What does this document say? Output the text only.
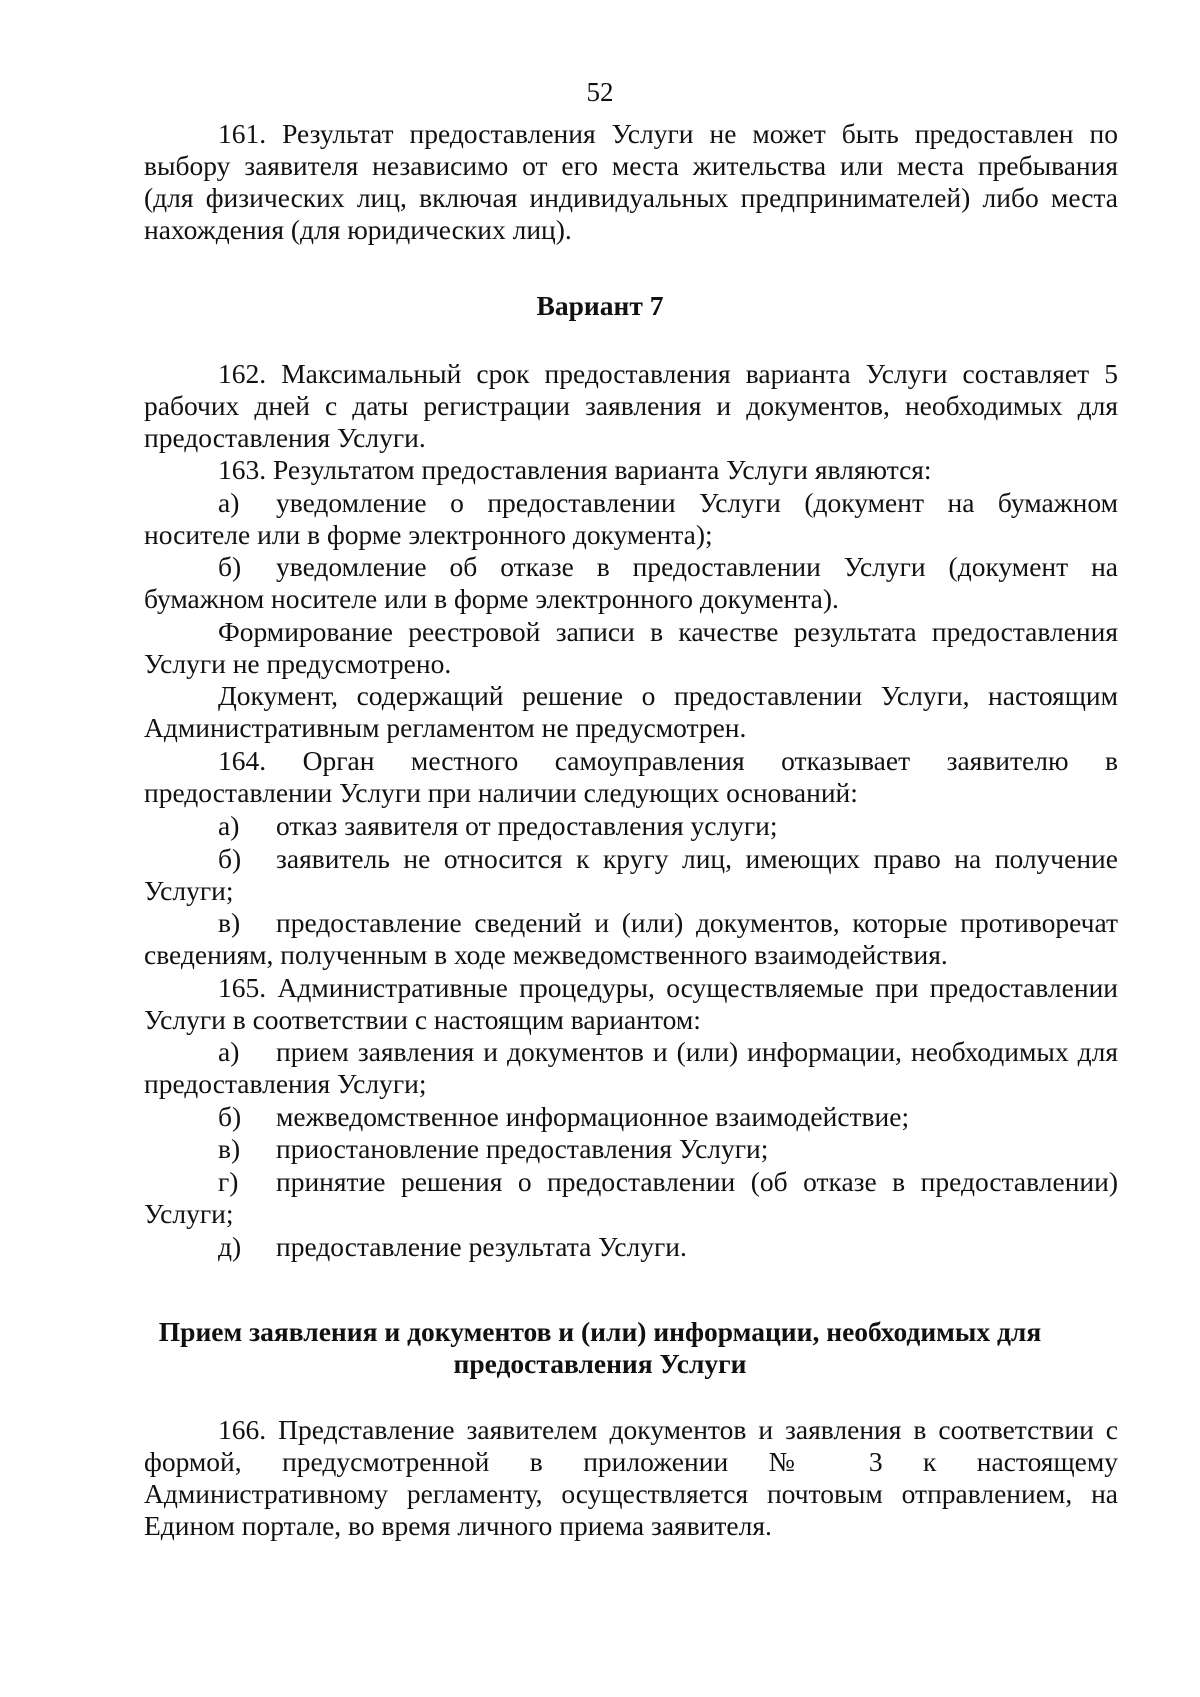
52
161. Результат предоставления Услуги не может быть предоставлен по
выбору заявителя независимо от его места жительства или места пребывания
(для физических лиц, включая индивидуальных предпринимателей) либо места
нахождения (для юридических лиц).
Вариант 7
162. Максимальный срок предоставления варианта Услуги составляет 5
рабочих дней с даты регистрации заявления и документов, необходимых для
предоставления Услуги.
163. Результатом предоставления варианта Услуги являются:
а) уведомление о предоставлении Услуги (документ на бумажном
носителе или в форме электронного документа);
б) уведомление об отказе в предоставлении Услуги (документ на
бумажном носителе или в форме электронного документа).
Формирование реестровой записи в качестве результата предоставления
Услуги не предусмотрено.
Документ, содержащий решение о предоставлении Услуги, настоящим
Административным регламентом не предусмотрен.
164. Орган местного самоуправления отказывает заявителю в
предоставлении Услуги при наличии следующих оснований:
а) отказ заявителя от предоставления услуги;
б) заявитель не относится к кругу лиц, имеющих право на получение
Услуги;
в) предоставление сведений и (или) документов, которые противоречат
сведениям, полученным в ходе межведомственного взаимодействия.
165. Административные процедуры, осуществляемые при предоставлении
Услуги в соответствии с настоящим вариантом:
а) прием заявления и документов и (или) информации, необходимых для
предоставления Услуги;
б) межведомственное информационное взаимодействие;
в) приостановление предоставления Услуги;
г) принятие решения о предоставлении (об отказе в предоставлении)
Услуги;
д) предоставление результата Услуги.
Прием заявления и документов и (или) информации, необходимых для
предоставления Услуги
166. Представление заявителем документов и заявления в соответствии с
формой, предусмотренной в приложении № 3 к настоящему
Административному регламенту, осуществляется почтовым отправлением, на
Едином портале, во время личного приема заявителя.
